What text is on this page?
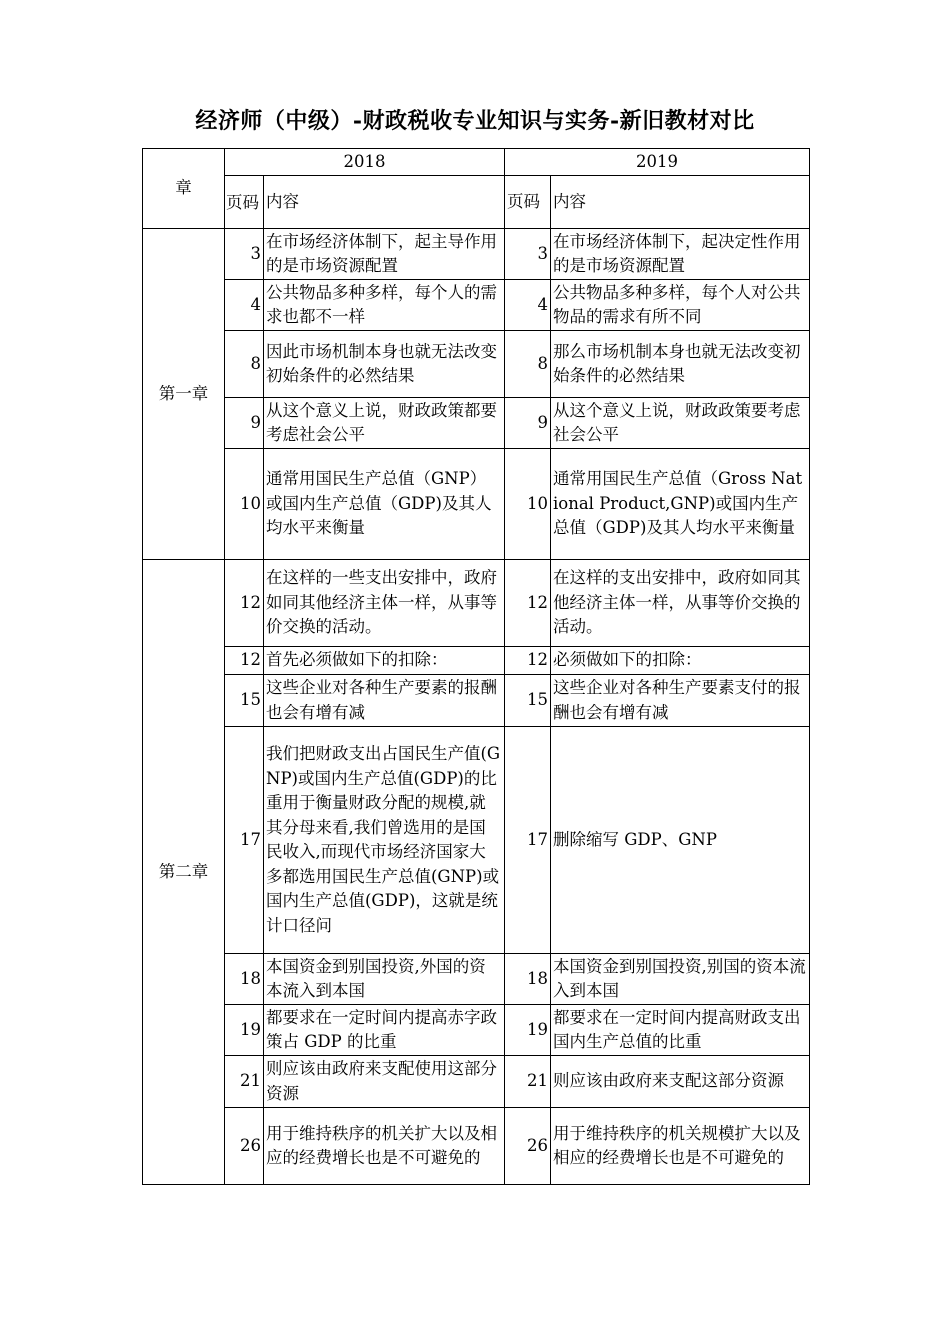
经济师（中级）-财政税收专业知识与实务-新旧教材对比
章	2018		2019	
	页码	内容	页码	内容
第一章	3	在市场经济体制下，起主导作用的是市场资源配置	3	在市场经济体制下，起决定性作用的是市场资源配置
	4	公共物品多种多样，每个人的需求也都不一样	4	公共物品多种多样，每个人对公共物品的需求有所不同
	8	因此市场机制本身也就无法改变初始条件的必然结果	8	那么市场机制本身也就无法改变初始条件的必然结果
	9	从这个意义上说，财政政策都要考虑社会公平	9	从这个意义上说，财政政策要考虑社会公平
	10	通常用国民生产总值（GNP）或国内生产总值（GDP)及其人均水平来衡量	10	通常用国民生产总值（Gross National Product,GNP)或国内生产总值（GDP)及其人均水平来衡量
第二章	12	在这样的一些支出安排中，政府如同其他经济主体一样，从事等价交换的活动。	12	在这样的支出安排中，政府如同其他经济主体一样，从事等价交换的活动。
	12	首先必须做如下的扣除：	12	必须做如下的扣除：
	15	这些企业对各种生产要素的报酬也会有增有减	15	这些企业对各种生产要素支付的报酬也会有增有减
	17	我们把财政支出占国民生产值(GNP)或国内生产总值(GDP)的比重用于衡量财政分配的规模,就其分母来看,我们曾选用的是国民收入,而现代市场经济国家大多都选用国民生产总值(GNP)或国内生产总值(GDP)，这就是统计口径问	17	删除缩写 GDP、GNP
	18	本国资金到别国投资,外国的资本流入到本国	18	本国资金到别国投资,别国的资本流入到本国
	19	都要求在一定时间内提高赤字政策占 GDP 的比重	19	都要求在一定时间内提高财政支出国内生产总值的比重
	21	则应该由政府来支配使用这部分资源	21	则应该由政府来支配这部分资源
	26	用于维持秩序的机关扩大以及相应的经费增长也是不可避免的	26	用于维持秩序的机关规模扩大以及相应的经费增长也是不可避免的
